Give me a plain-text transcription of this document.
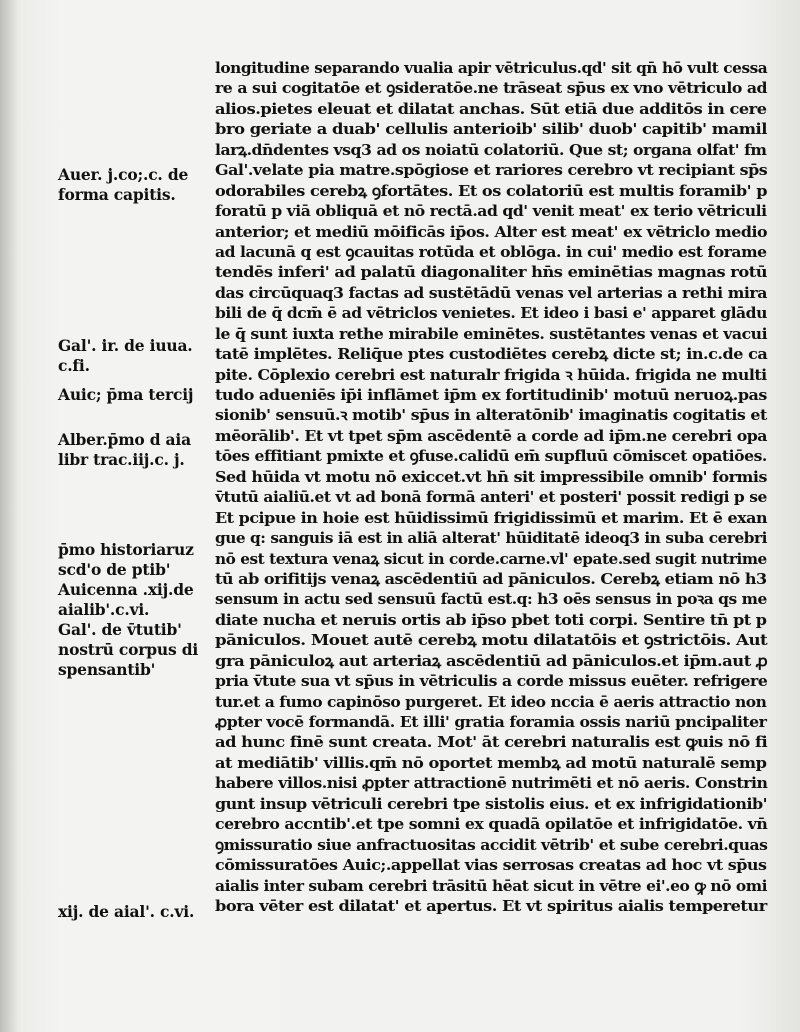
Auer. j.co;.c. de
forma capitis.
Gal'. ir. de iuua.
c.fi.
Auic; p̄ma tercij
Alber.p̄mo d aia
libr trac.iij.c. j.
p̄mo historiaruz
scd'o de ptib'
Auicenna .xij.de
aialib'.c.vi.
Gal'. de v̄tutib'
nostrū corpus di
spensantib'
xij. de aial'. c.vi.
longitudine separando vualia apir vētriculus.qd' sit qn̄ hō vult cessa
re a sui cogitatōe et ꝯsideratōe.ne trāseat sp̄us ex vno vētriculo ad
alios.pietes eleuat et dilatat anchas. Sūt etiā due additōs in cere
bro geriate a duab' cellulis anterioib' silib' duob' capitib' mamil
larꝝ.dn̄dentes vsq3 ad os noiatū colatoriū. Que st; organa olfat' fm
Gal'.velate pia matre.spōgiose et rariores cerebro vt recipiant sp̄s
odorabiles cerebꝝ ꝯfortātes. Et os colatoriū est multis foramib' p
foratū p viā obliquā et nō rectā.ad qd' venit meat' ex terio vētriculi
anterior; et mediū mōificās ip̄os. Alter est meat' ex vētriclo medio
ad lacunā q est ꝯcauitas rotūda et oblōga. in cui' medio est forame
tendēs inferi' ad palatū diagonaliter hn̄s eminētias magnas rotū
das circūquaq3 factas ad sustētādū venas vel arterias a rethi mira
bili de q̄ dcm̄ ē ad vētriclos venietes. Et ideo i basi e' apparet glādu
le q̄ sunt iuxta rethe mirabile eminētes. sustētantes venas et vacui
tatē implētes. Reliq̄ue ptes custodiētes cerebꝝ dicte st; in.c.de ca
pite. Cōplexio cerebri est naturalr frigida ꝛ hūida. frigida ne multi
tudo adueniēs ip̄i inflāmet ip̄m ex fortitudinib' motuū neruoꝝ.pas
sionib' sensuū.ꝛ motib' sp̄us in alteratōnib' imaginatis cogitatis et
mēorālib'. Et vt tpet sp̄m ascēdentē a corde ad ip̄m.ne cerebri opa
tōes effitiant pmixte et ꝯfuse.calidū em̄ supfluū cōmiscet opatiōes.
Sed hūida vt motu nō exiccet.vt hn̄ sit impressibile omnib' formis
v̄tutū aialiū.et vt ad bonā formā anteri' et posteri' possit redigi p se
Et pcipue in hoie est hūidissimū frigidissimū et marim. Et ē exan
gue q: sanguis iā est in aliā alterat' hūiditatē ideoq3 in suba cerebri
nō est textura venaꝝ sicut in corde.carne.vl' epate.sed sugit nutrime
tū ab orifitijs venaꝝ ascēdentiū ad pāniculos. Cerebꝝ etiam nō h3
sensum in actu sed sensuū factū est.q: h3 oēs sensus in poꝛa qs me
diate nucha et neruis ortis ab ip̄so pbet toti corpi. Sentire tn̄ pt p
pāniculos. Mouet autē cerebꝝ motu dilatatōis et ꝯstrictōis. Aut
gra pāniculoꝝ aut arteriaꝝ ascēdentiū ad pāniculos.et ip̄m.aut ꝓ
pria v̄tute sua vt sp̄us in vētriculis a corde missus euēter. refrigere
tur.et a fumo capinōso purgeret. Et ideo nccia ē aeris attractio non
ꝓpter vocē formandā. Et illi' gratia foramia ossis nariū pncipaliter
ad hunc finē sunt creata. Mot' āt cerebri naturalis est ꝙuis nō fi
at mediātib' villis.qm̄ nō oportet membꝝ ad motū naturalē semp
habere villos.nisi ꝓpter attractionē nutrimēti et nō aeris. Constrin
gunt insup vētriculi cerebri tpe sistolis eius. et ex infrigidationib'
cerebro accntib'.et tpe somni ex quadā opilatōe et infrigidatōe. vn̄
ꝯmissuratio siue anfractuositas accidit vētrib' et sube cerebri.quas
cōmissuratōes Auic;.appellat vias serrosas creatas ad hoc vt sp̄us
aialis inter subam cerebri trāsitū hēat sicut in vētre ei'.eo ꝙ nō omi
bora vēter est dilatat' et apertus. Et vt spiritus aialis temperetur
